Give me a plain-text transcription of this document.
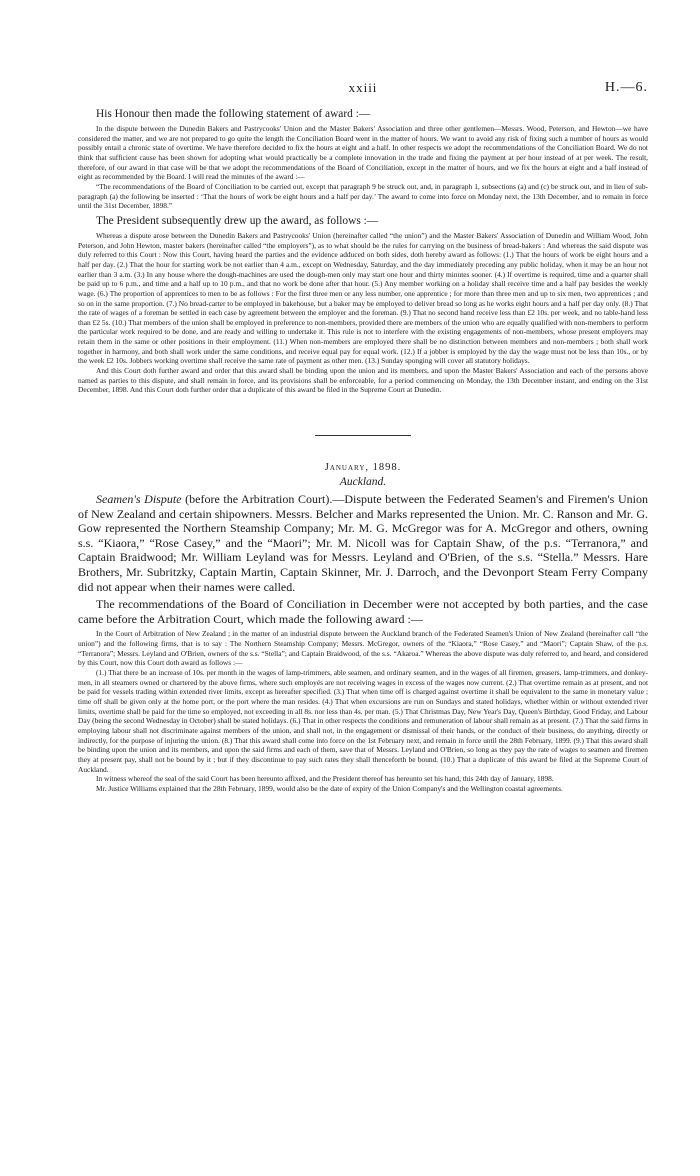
xxiii	H.—6.

His Honour then made the following statement of award :—

In the dispute between the Dunedin Bakers and Pastrycooks' Union and the Master Bakers' Association and three other gentlemen—Messrs. Wood, Peterson, and Hewton—we have considered the matter, and we are not prepared to go quite the length the Conciliation Board went in the matter of hours. We want to avoid any risk of fixing such a number of hours as would possibly entail a chronic state of overtime. We have therefore decided to fix the hours at eight and a half. In other respects we adopt the recommendations of the Conciliation Board. We do not think that sufficient cause has been shown for adopting what would practically be a complete innovation in the trade and fixing the payment at per hour instead of at per week. The result, therefore, of our award in that case will be that we adopt the recommendations of the Board of Conciliation, except in the matter of hours, and we fix the hours at eight and a half instead of eight as recommended by the Board. I will read the minutes of the award :—

“The recommendations of the Board of Conciliation to be carried out, except that paragraph 9 be struck out, and, in paragraph 1, subsections (a) and (c) be struck out, and in lieu of sub-paragraph (a) the following be inserted : ‘That the hours of work be eight hours and a half per day.’ The award to come into force on Monday next, the 13th December, and to remain in force until the 31st December, 1898.”

The President subsequently drew up the award, as follows :—

Whereas a dispute arose between the Dunedin Bakers and Pastrycooks' Union (hereinafter called “the union”) and the Master Bakers' Association of Dunedin and William Wood, John Peterson, and John Hewton, master bakers (hereinafter called “the employers”), as to what should be the rules for carrying on the business of bread-bakers : And whereas the said dispute was duly referred to this Court : Now this Court, having heard the parties and the evidence adduced on both sides, doth hereby award as follows: (1.) That the hours of work be eight hours and a half per day. (2.) That the hour for starting work be not earlier than 4 a.m., except on Wednesday, Saturday, and the day immediately preceding any public holiday, when it may be an hour not earlier than 3 a.m. (3.) In any house where the dough-machines are used the dough-men only may start one hour and thirty minutes sooner. (4.) If overtime is required, time and a quarter shall be paid up to 6 p.m., and time and a half up to 10 p.m., and that no work be done after that hour. (5.) Any member working on a holiday shall receive time and a half pay besides the weekly wage. (6.) The proportion of apprentices to men to be as follows : For the first three men or any less number, one apprentice ; for more than three men and up to six men, two apprentices ; and so on in the same proportion. (7.) No bread-carter to be employed in bakehouse, but a baker may be employed to deliver bread so long as he works eight hours and a half per day only. (8.) That the rate of wages of a foreman be settled in each case by agreement between the employer and the foreman. (9.) That no second hand receive less than £2 10s. per week, and no table-hand less than £2 5s. (10.) That members of the union shall be employed in preference to non-members, provided there are members of the union who are equally qualified with non-members to perform the particular work required to be done, and are ready and willing to undertake it. This rule is not to interfere with the existing engagements of non-members, whose present employers may retain them in the same or other positions in their employment. (11.) When non-members are employed there shall be no distinction between members and non-members ; both shall work together in harmony, and both shall work under the same conditions, and receive equal pay for equal work. (12.) If a jobber is employed by the day the wage must not be less than 10s., or by the week £2 10s. Jobbers working overtime shall receive the same rate of payment as other men. (13.) Sunday sponging will cover all statutory holidays.

And this Court doth further award and order that this award shall be binding upon the union and its members, and upon the Master Bakers' Association and each of the persons above named as parties to this dispute, and shall remain in force, and its provisions shall be enforceable, for a period commencing on Monday, the 13th December instant, and ending on the 31st December, 1898. And this Court doth further order that a duplicate of this award be filed in the Supreme Court at Dunedin.

January, 1898.

Auckland.

Seamen's Dispute (before the Arbitration Court).—Dispute between the Federated Seamen's and Firemen's Union of New Zealand and certain shipowners. Messrs. Belcher and Marks represented the Union. Mr. C. Ranson and Mr. G. Gow represented the Northern Steamship Company; Mr. M. G. McGregor was for A. McGregor and others, owning s.s. “Kiaora,” “Rose Casey,” and the “Maori”; Mr. M. Nicoll was for Captain Shaw, of the p.s. “Terranora,” and Captain Braidwood; Mr. William Leyland was for Messrs. Leyland and O'Brien, of the s.s. “Stella.” Messrs. Hare Brothers, Mr. Subritzky, Captain Martin, Captain Skinner, Mr. J. Darroch, and the Devonport Steam Ferry Company did not appear when their names were called.

The recommendations of the Board of Conciliation in December were not accepted by both parties, and the case came before the Arbitration Court, which made the following award :—

In the Court of Arbitration of New Zealand ; in the matter of an industrial dispute between the Auckland branch of the Federated Seamen's Union of New Zealand (hereinafter call “the union”) and the following firms, that is to say : The Northern Steamship Company; Messrs. McGregor, owners of the “Kiaora,” “Rose Casey,” and “Maori”; Captain Shaw, of the p.s. “Terranora”; Messrs. Leyland and O'Brien, owners of the s.s. “Stella”; and Captain Braidwood, of the s.s. “Akaroa.” Whereas the above dispute was duly referred to, and heard, and considered by this Court, now this Court doth award as follows :—

(1.) That there be an increase of 10s. per month in the wages of lamp-trimmers, able seamen, and ordinary seamen, and in the wages of all firemen, greasers, lamp-trimmers, and donkey-men, in all steamers owned or chartered by the above firms, where such employés are not receiving wages in excess of the wages now current. (2.) That overtime remain as at present, and not be paid for vessels trading within extended river limits, except as hereafter specified. (3.) That when time off is charged against overtime it shall be equivalent to the same in monetary value ; time off shall be given only at the home port, or the port where the man resides. (4.) That when excursions are run on Sundays and stated holidays, whether within or without extended river limits, overtime shall be paid for the time so employed, not exceeding in all 8s. nor less than 4s. per man. (5.) That Christmas Day, New Year's Day, Queen's Birthday, Good Friday, and Labour Day (being the second Wednesday in October) shall be stated holidays. (6.) That in other respects the conditions and remuneration of labour shall remain as at present. (7.) That the said firms in employing labour shall not discriminate against members of the union, and shall not, in the engagement or dismissal of their hands, or the conduct of their business, do anything, directly or indirectly, for the purpose of injuring the union. (8.) That this award shall come into force on the 1st February next, and remain in force until the 28th February, 1899. (9.) That this award shall be binding upon the union and its members, and upon the said firms and each of them, save that of Messrs. Leyland and O'Brien, so long as they pay the rate of wages to seamen and firemen they at present pay, shall not be bound by it ; but if they discontinue to pay such rates they shall thenceforth be bound. (10.) That a duplicate of this award be filed at the Supreme Court of Auckland.

In witness whereof the seal of the said Court has been hereunto affixed, and the President thereof has hereunto set his hand, this 24th day of January, 1898.

Mr. Justice Williams explained that the 28th February, 1899, would also be the date of expiry of the Union Company's and the Wellington coastal agreements.
